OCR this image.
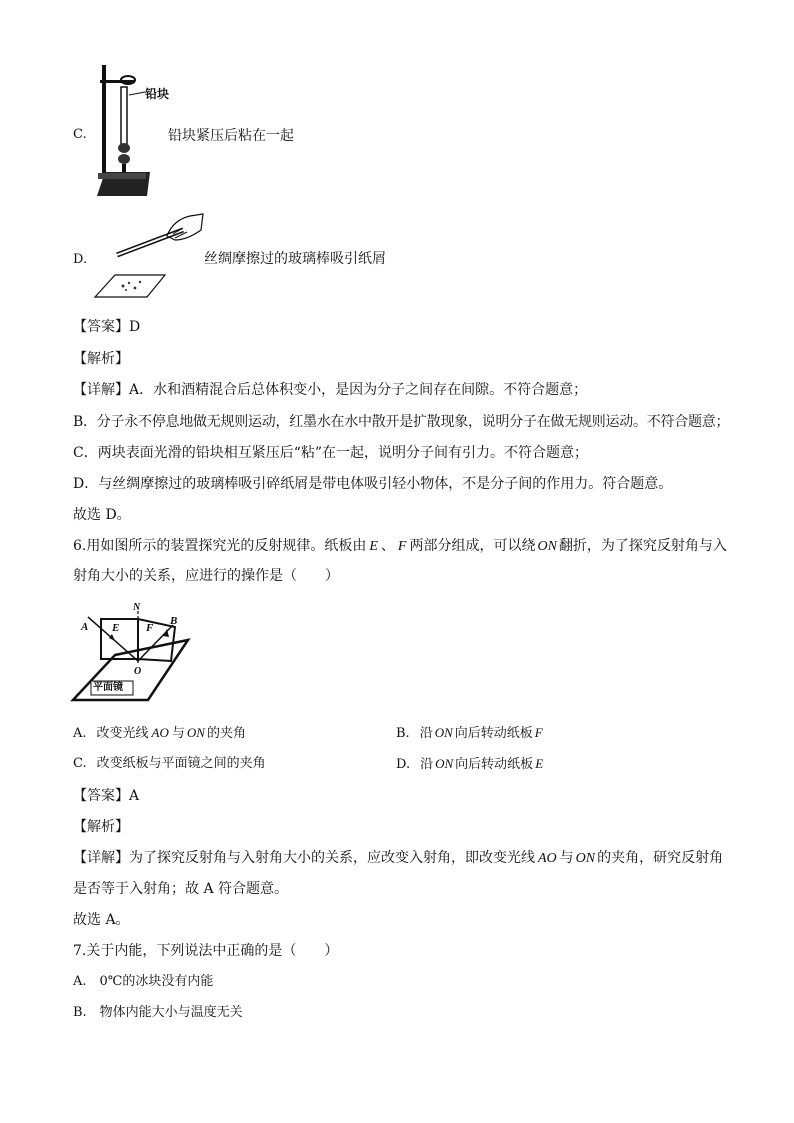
C.
铅块
铅块紧压后粘在一起
D.	丝绸摩擦过的玻璃棒吸引纸屑
【答案】 D
【解析】
【详解】 A．水和酒精混合后总体积变小，是因为分子之间存在间隙。不符合题意；
B．分子永不停息地做无规则运动，红墨水在水中散开是扩散现象，说明分子在做无规则运动。不符合题意；
C．两块表面光滑的铅块相互紧压后“粘”在一起，说明分子间有引力。不符合题意；
D．与丝绸摩擦过的玻璃棒吸引碎纸屑是带电体吸引轻小物体，不是分子间的作用力。符合题意。
故选 D。
6.用如图所示的装置探究光的反射规律。纸板由 E 、 F 两部分组成，可以绕 ON 翻折，为了探究反射角与入
射角大小的关系，应进行的操作是（　　）
N
A	B
E F
O
平面镜
A. 改变光线 AO 与 ON 的夹角	B. 沿 ON 向后转动纸板 F
C. 改变纸板与平面镜之间的夹角	D. 沿 ON 向后转动纸板 E
【答案】 A
【解析】
【详解】 为了探究反射角与入射角大小的关系，应改变入射角，即改变光线 AO 与 ON 的夹角，研究反射角
是否等于入射角；故 A 符合题意。
故选 A。
7.关于内能，下列说法中正确的是（　　）
A.　0℃的冰块没有内能
B.　物体内能大小与温度无关
